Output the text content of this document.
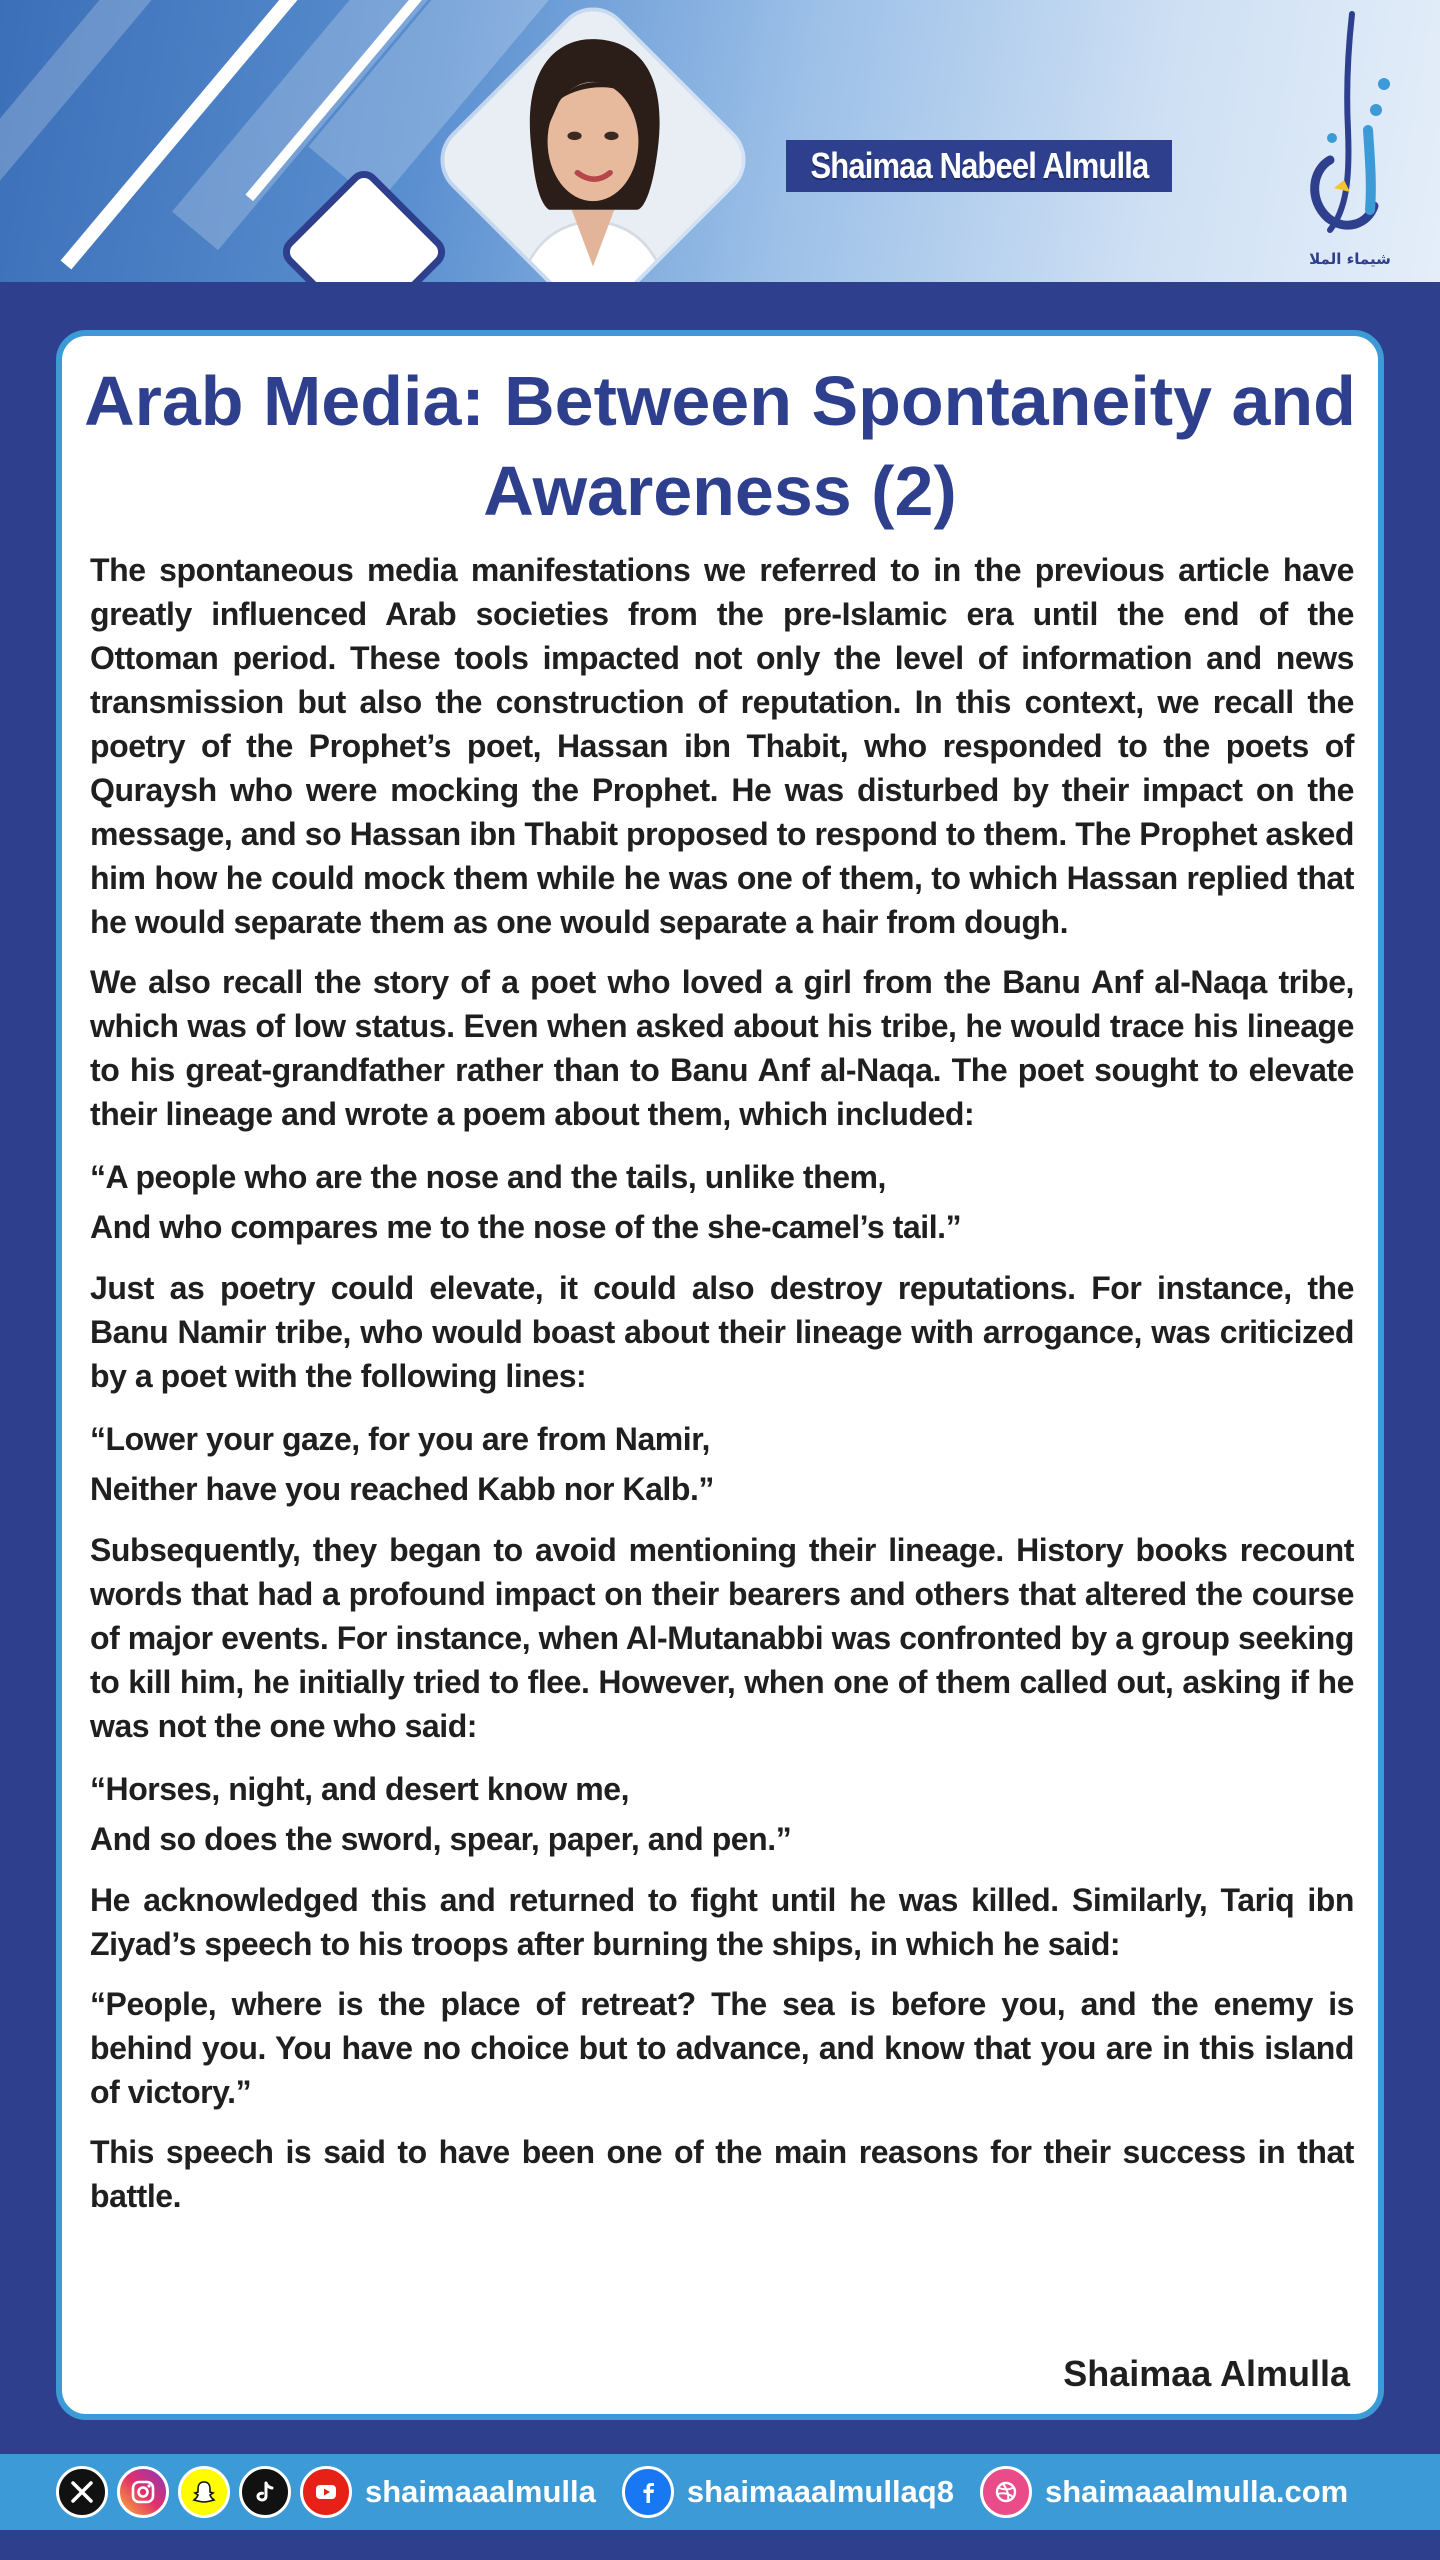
Shaimaa Nabeel Almulla
شيماء الملا
Arab Media: Between Spontaneity and Awareness (2)

The spontaneous media manifestations we referred to in the previous article have greatly influenced Arab societies from the pre-Islamic era until the end of the Ottoman period. These tools impacted not only the level of information and news transmission but also the construction of reputation. In this context, we recall the poetry of the Prophet’s poet, Hassan ibn Thabit, who responded to the poets of Quraysh who were mocking the Prophet. He was disturbed by their impact on the message, and so Hassan ibn Thabit proposed to respond to them. The Prophet asked him how he could mock them while he was one of them, to which Hassan replied that he would separate them as one would separate a hair from dough.

We also recall the story of a poet who loved a girl from the Banu Anf al-Naqa tribe, which was of low status. Even when asked about his tribe, he would trace his lineage to his great-grandfather rather than to Banu Anf al-Naqa. The poet sought to elevate their lineage and wrote a poem about them, which included:

“A people who are the nose and the tails, unlike them,
And who compares me to the nose of the she-camel’s tail.”

Just as poetry could elevate, it could also destroy reputations. For instance, the Banu Namir tribe, who would boast about their lineage with arrogance, was criticized by a poet with the following lines:

“Lower your gaze, for you are from Namir,
Neither have you reached Kabb nor Kalb.”

Subsequently, they began to avoid mentioning their lineage. History books recount words that had a profound impact on their bearers and others that altered the course of major events. For instance, when Al-Mutanabbi was confronted by a group seeking to kill him, he initially tried to flee. However, when one of them called out, asking if he was not the one who said:

“Horses, night, and desert know me,
And so does the sword, spear, paper, and pen.”

He acknowledged this and returned to fight until he was killed. Similarly, Tariq ibn Ziyad’s speech to his troops after burning the ships, in which he said:

“People, where is the place of retreat? The sea is before you, and the enemy is behind you. You have no choice but to advance, and know that you are in this island of victory.”

This speech is said to have been one of the main reasons for their success in that battle.

Shaimaa Almulla

shaimaaalmulla	shaimaaalmullaq8	shaimaaalmulla.com
